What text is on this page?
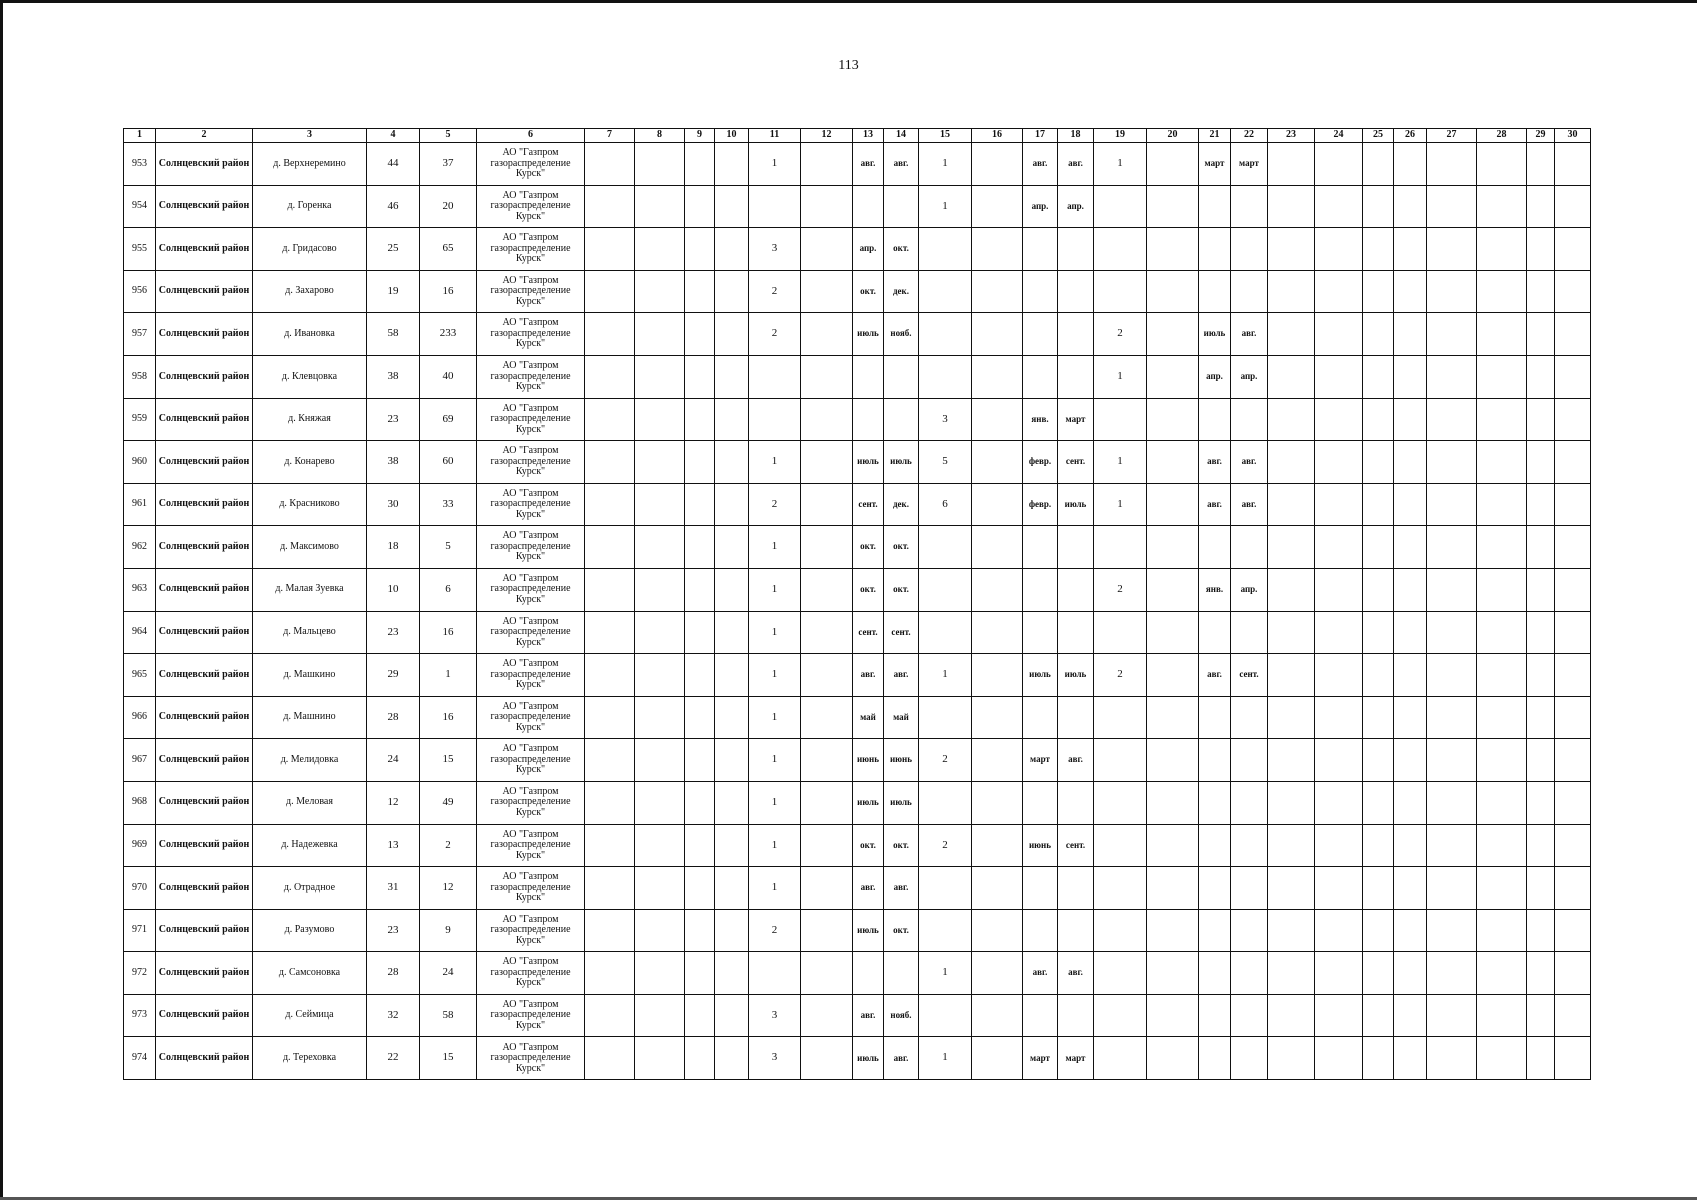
113
1	2	3	4	5	6	7	8	9	10	11	12	13	14	15	16	17	18	19	20	21	22	23	24	25	26	27	28	29	30
953	Солнцевский район	д. Верхнеремино	44	37	АО "Газпром газораспределение Курск"					1		авг.	авг.	1		авг.	авг.	1		март	март								
954	Солнцевский район	д. Горенка	46	20	АО "Газпром газораспределение Курск"									1		апр.	апр.												
955	Солнцевский район	д. Гридасово	25	65	АО "Газпром газораспределение Курск"					3		апр.	окт.																
956	Солнцевский район	д. Захарово	19	16	АО "Газпром газораспределение Курск"					2		окт.	дек.																
957	Солнцевский район	д. Ивановка	58	233	АО "Газпром газораспределение Курск"					2		июль	нояб.					2		июль	авг.								
958	Солнцевский район	д. Клевцовка	38	40	АО "Газпром газораспределение Курск"													1		апр.	апр.								
959	Солнцевский район	д. Княжая	23	69	АО "Газпром газораспределение Курск"									3		янв.	март												
960	Солнцевский район	д. Конарево	38	60	АО "Газпром газораспределение Курск"					1		июль	июль	5		февр.	сент.	1		авг.	авг.								
961	Солнцевский район	д. Красниково	30	33	АО "Газпром газораспределение Курск"					2		сент.	дек.	6		февр.	июль	1		авг.	авг.								
962	Солнцевский район	д. Максимово	18	5	АО "Газпром газораспределение Курск"					1		окт.	окт.																
963	Солнцевский район	д. Малая Зуевка	10	6	АО "Газпром газораспределение Курск"					1		окт.	окт.					2		янв.	апр.								
964	Солнцевский район	д. Мальцево	23	16	АО "Газпром газораспределение Курск"					1		сент.	сент.																
965	Солнцевский район	д. Машкино	29	1	АО "Газпром газораспределение Курск"					1		авг.	авг.	1		июль	июль	2		авг.	сент.								
966	Солнцевский район	д. Машнино	28	16	АО "Газпром газораспределение Курск"					1		май	май																
967	Солнцевский район	д. Мелидовка	24	15	АО "Газпром газораспределение Курск"					1		июнь	июнь	2		март	авг.												
968	Солнцевский район	д. Меловая	12	49	АО "Газпром газораспределение Курск"					1		июль	июль																
969	Солнцевский район	д. Надежевка	13	2	АО "Газпром газораспределение Курск"					1		окт.	окт.	2		июнь	сент.												
970	Солнцевский район	д. Отрадное	31	12	АО "Газпром газораспределение Курск"					1		авг.	авг.																
971	Солнцевский район	д. Разумово	23	9	АО "Газпром газораспределение Курск"					2		июль	окт.																
972	Солнцевский район	д. Самсоновка	28	24	АО "Газпром газораспределение Курск"									1		авг.	авг.												
973	Солнцевский район	д. Сеймица	32	58	АО "Газпром газораспределение Курск"					3		авг.	нояб.																
974	Солнцевский район	д. Тереховка	22	15	АО "Газпром газораспределение Курск"					3		июль	авг.	1		март	март												
